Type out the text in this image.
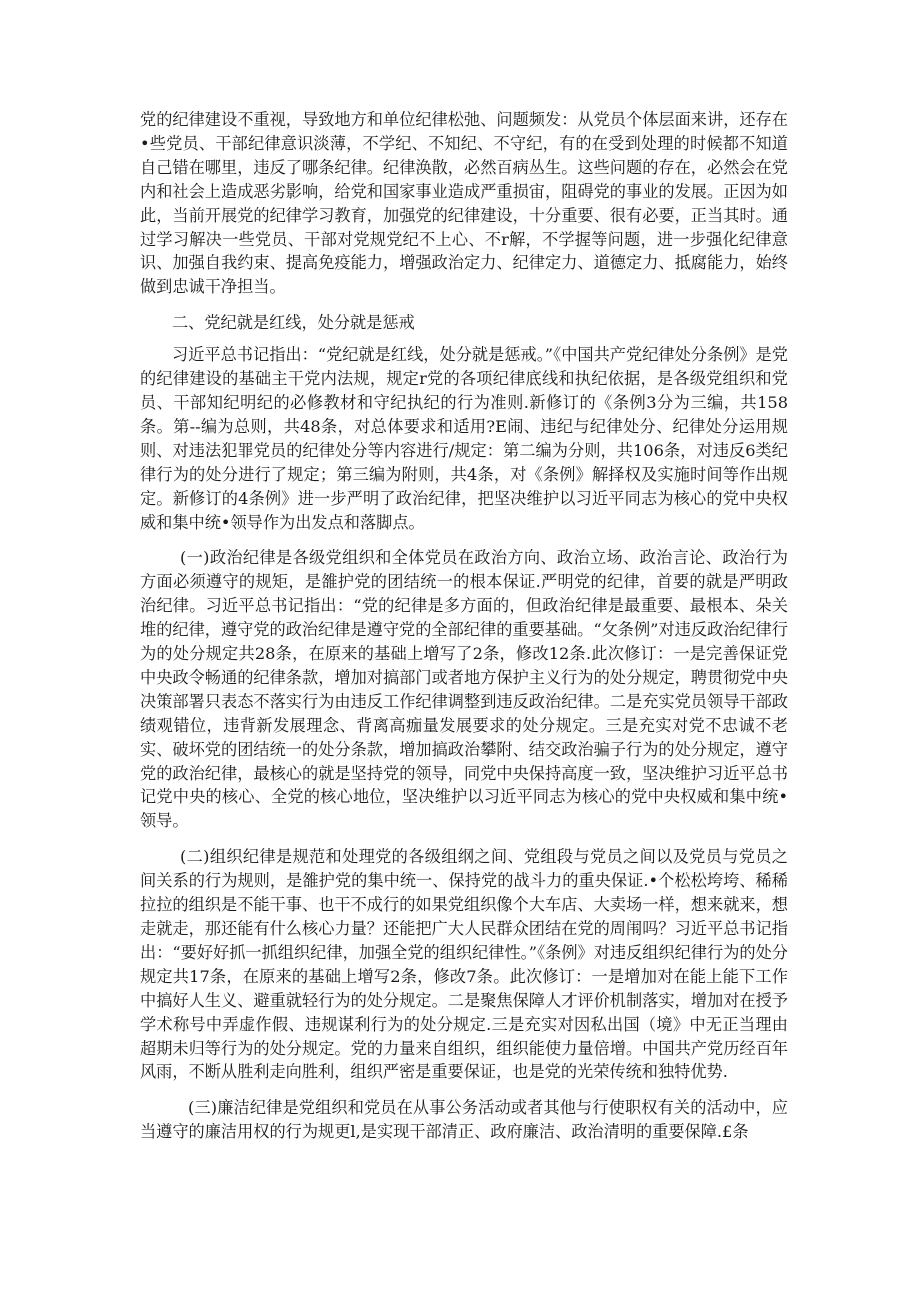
党的纪律建设不重视，导致地方和单位纪律松弛、问题频发：从党员个体层面来讲，还存在•些党员、干部纪律意识淡薄，不学纪、不知纪、不守纪，有的在受到处理的时候都不知道自己错在哪里，违反了哪条纪律。纪律涣散，必然百病丛生。这些问题的存在，必然会在党内和社会上造成恶劣影响，给党和国家事业造成严重损宙，阻碍党的事业的发展。正因为如此，当前开展党的纪律学习教育，加强党的纪律建设，十分重要、很有必要，正当其时。通过学习解决一些党员、干部对党规党纪不上心、不r解，不学握等问题，进一步强化纪律意识、加强自我约束、提高免疫能力，增强政治定力、纪律定力、道德定力、抵腐能力，始终做到忠诚干净担当。

二、党纪就是红线，处分就是惩戒

习近平总书记指出：“党纪就是红线，处分就是惩戒。”《中国共产党纪律处分条例》是党的纪律建设的基础主干党内法规，规定r党的各项纪律底线和执纪依据，是各级党组织和党员、干部知纪明纪的必修教材和守纪执纪的行为准则.新修订的《条例3分为三编，共158条。第--编为总则，共48条，对总体要求和适用?E闹、违纪与纪律处分、纪律处分运用规则、对违法犯罪党员的纪律处分等内容进行/规定：第二编为分则，共106条，对违反6类纪律行为的处分进行了规定；第三编为附则，共4条，对《条例》解择权及实施时间等作出规定。新修订的4条例》进一步严明了政治纪律，把坚决维护以习近平同志为核心的党中央权威和集中统•领导作为出发点和落脚点。

(一)政治纪律是各级党组织和全体党员在政治方向、政治立场、政治言论、政治行为方面必须遵守的规矩，是雒护党的团结统一的根本保证.严明党的纪律，首要的就是严明政治纪律。习近平总书记指出：“党的纪律是多方面的，但政治纪律是最重要、最根本、朵关堆的纪律，遵守党的政治纪律是遵守党的全部纪律的重要基础。“攵条例”对违反政治纪律行为的处分规定共28条，在原来的基础上增写了2条，修改12条.此次修订：一是完善保证党中央政令畅通的纪律条款，增加对搞部门或者地方保护主义行为的处分规定，聘贯彻党中央决策部署只表态不落实行为由违反工作纪律调整到违反政治纪律。二是充实党员领导干部政绩观错位，违背新发展理念、背离高痂量发展要求的处分规定。三是充实对党不忠诚不老实、破坏党的团结统一的处分条款，增加搞政治攀附、结交政治骗子行为的处分规定，遵守党的政治纪律，最核心的就是坚持党的领导，同党中央保持高度一致，坚决维护习近平总书记党中央的核心、全党的核心地位，坚决维护以习近平同志为核心的党中央权威和集中统•领导。

(二)组织纪律是规范和处理党的各级组纲之间、党组段与党员之间以及党员与党员之间关系的行为规则，是雒护党的集中统一、保持党的战斗力的重央保证.•个松松垮垮、稀稀拉拉的组织是不能干事、也干不成行的如果党组织像个大车店、大卖场一样，想来就来，想走就走，那还能有什么核心力量？还能把广大人民群众团结在党的周闱吗？习近平总书记指出：“要好好抓一抓组织纪律，加强全党的组织纪律性。”《条例》对违反组织纪律行为的处分规定共17条，在原来的基础上增写2条，修改7条。此次修订：一是增加对在能上能下工作中搞好人生义、避重就轻行为的处分规定。二是聚焦保障人才评价机制落实，增加对在授予学术称号中弄虚作假、违规谋利行为的处分规定.三是充实对因私出国（境》中无正当理由超期未归等行为的处分规定。党的力量来自组织，组织能使力量倍增。中国共产党历经百年风雨，不断从胜利走向胜利，组织严密是重要保证，也是党的光荣传统和独特优势.

(三)廉洁纪律是党组织和党员在从事公务活动或者其他与行使职权有关的活动中，应当遵守的廉洁用权的行为规更l,是实现干部清正、政府廉洁、政治清明的重要保障.£条
